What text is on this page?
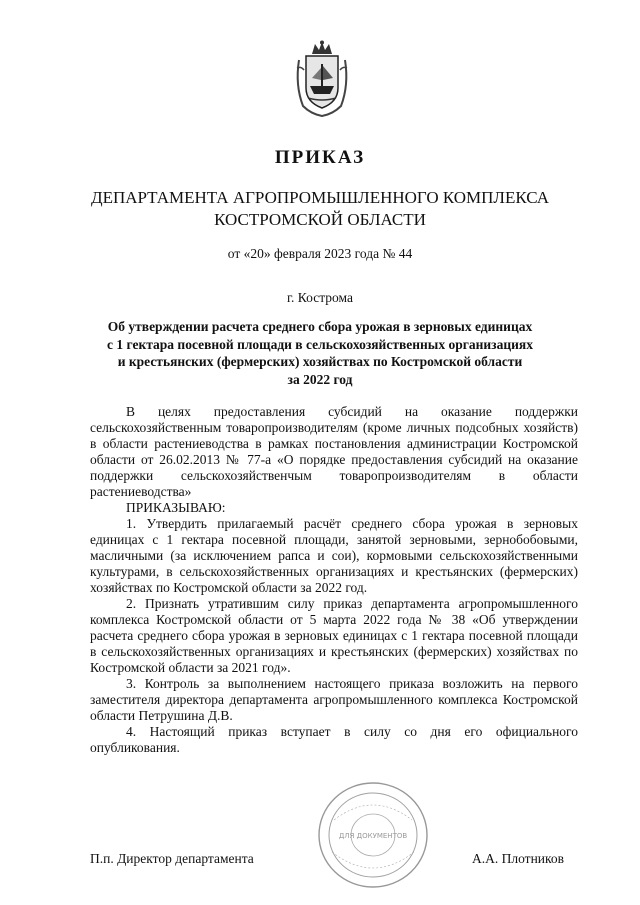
ПРИКАЗ
ДЕПАРТАМЕНТА АГРОПРОМЫШЛЕННОГО КОМПЛЕКСА
КОСТРОМСКОЙ ОБЛАСТИ
от «20» февраля 2023 года № 44
г. Кострома
Об утверждении расчета среднего сбора урожая в зерновых единицах
с 1 гектара посевной площади в сельскохозяйственных организациях
и крестьянских (фермерских) хозяйствах по Костромской области
за 2022 год

В целях предоставления субсидий на оказание поддержки сельскохозяйственным товаропроизводителям (кроме личных подсобных хозяйств) в области растениеводства в рамках постановления администрации Костромской области от 26.02.2013 № 77-а «О порядке предоставления субсидий на оказание поддержки сельскохозяйственчым товаропроизводителям в области растениеводства»

ПРИКАЗЫВАЮ:

1. Утвердить прилагаемый расчёт среднего сбора урожая в зерновых единицах с 1 гектара посевной площади, занятой зерновыми, зернобобовыми, масличными (за исключением рапса и сои), кормовыми сельскохозяйственными культурами, в сельскохозяйственных организациях и крестьянских (фермерских) хозяйствах по Костромской области за 2022 год.

2. Признать утратившим силу приказ департамента агропромышленного комплекса Костромской области от 5 марта 2022 года № 38 «Об утверждении расчета среднего сбора урожая в зерновых единицах с 1 гектара посевной площади в сельскохозяйственных организациях и крестьянских (фермерских) хозяйствах по Костромской области за 2021 год».

3. Контроль за выполнением настоящего приказа возложить на первого заместителя директора департамента агропромышленного комплекса Костромской области Петрушина Д.В.

4. Настоящий приказ вступает в силу со дня его официального опубликования.

ДЛЯ ДОКУМЕНТОВ
П.п. Директор департамента	А.А. Плотников
